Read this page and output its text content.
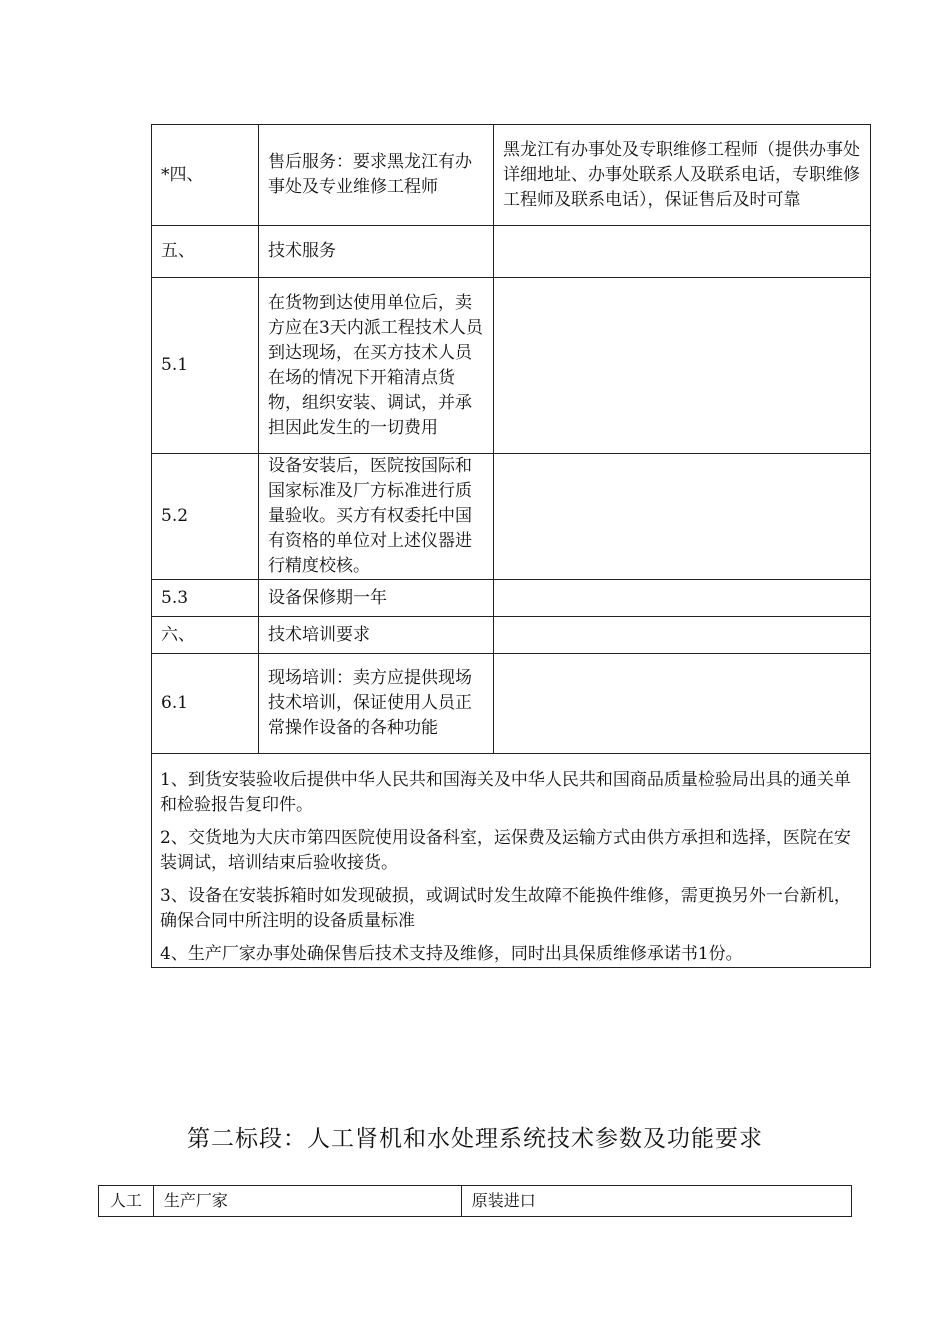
*四、	售后服务：要求黑龙江有办事处及专业维修工程师	黑龙江有办事处及专职维修工程师（提供办事处详细地址、办事处联系人及联系电话，专职维修工程师及联系电话），保证售后及时可靠
五、	技术服务	
5.1	在货物到达使用单位后，卖方应在3天内派工程技术人员到达现场，在买方技术人员在场的情况下开箱清点货物，组织安装、调试，并承担因此发生的一切费用	
5.2	设备安装后，医院按国际和国家标准及厂方标准进行质量验收。买方有权委托中国有资格的单位对上述仪器进行精度校核。	
5.3	设备保修期一年	
六、	技术培训要求	
6.1	现场培训：卖方应提供现场技术培训，保证使用人员正常操作设备的各种功能	

1、到货安装验收后提供中华人民共和国海关及中华人民共和国商品质量检验局出具的通关单和检验报告复印件。

2、交货地为大庆市第四医院使用设备科室，运保费及运输方式由供方承担和选择，医院在安装调试，培训结束后验收接货。

3、设备在安装拆箱时如发现破损，或调试时发生故障不能换件维修，需更换另外一台新机，确保合同中所注明的设备质量标准

4、生产厂家办事处确保售后技术支持及维修，同时出具保质维修承诺书1份。		

第二标段：人工肾机和水处理系统技术参数及功能要求
人工	生产厂家	原装进口
